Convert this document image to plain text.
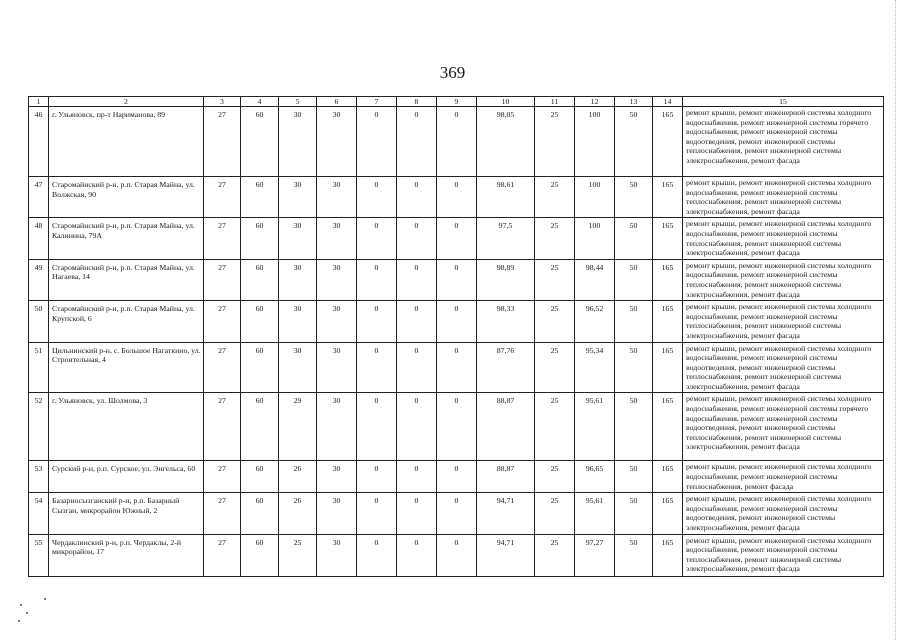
369
1	2	3	4	5	6	7	8	9	10	11	12	13	14	15
46	г. Ульяновск, пр-т Нариманова, 89	27	60	30	30	0	0	0	98,05	25	100	50	165	ремонт крыши, ремонт инженерной системы холодного водоснабжения, ремонт инженерной системы горячего водоснабжения, ремонт инженерной системы водоотведения, ремонт инженерной системы теплоснабжения, ремонт инженерной системы электроснабжения, ремонт фасада
47	Старомайнский р-н, р.п. Старая Майна, ул. Волжская, 90	27	60	30	30	0	0	0	98,61	25	100	50	165	ремонт крыши, ремонт инженерной системы холодного водоснабжения, ремонт инженерной системы теплоснабжения, ремонт инженерной системы электроснабжения, ремонт фасада
48	Старомайнский р-н, р.п. Старая Майна, ул. Калинина, 79А	27	60	30	30	0	0	0	97,5	25	100	50	165	ремонт крыши, ремонт инженерной системы холодного водоснабжения, ремонт инженерной системы теплоснабжения, ремонт инженерной системы электроснабжения, ремонт фасада
49	Старомайнский р-н, р.п. Старая Майна, ул. Нагаева, 14	27	60	30	30	0	0	0	98,89	25	98,44	50	165	ремонт крыши, ремонт инженерной системы холодного водоснабжения, ремонт инженерной системы теплоснабжения, ремонт инженерной системы электроснабжения, ремонт фасада
50	Старомайнский р-н, р.п. Старая Майна, ул. Крупской, 6	27	60	30	30	0	0	0	98,33	25	96,52	50	165	ремонт крыши, ремонт инженерной системы холодного водоснабжения, ремонт инженерной системы теплоснабжения, ремонт инженерной системы электроснабжения, ремонт фасада
51	Цильнинский р-н, с. Большое Нагаткино, ул. Строительная, 4	27	60	30	30	0	0	0	87,76	25	95,34	50	165	ремонт крыши, ремонт инженерной системы холодного водоснабжения, ремонт инженерной системы водоотведения, ремонт инженерной системы теплоснабжения, ремонт инженерной системы электроснабжения, ремонт фасада
52	г. Ульяновск, ул. Шолмова, 3	27	60	29	30	0	0	0	88,87	25	95,61	50	165	ремонт крыши, ремонт инженерной системы холодного водоснабжения, ремонт инженерной системы горячего водоснабжения, ремонт инженерной системы водоотведения, ремонт инженерной системы теплоснабжения, ремонт инженерной системы электроснабжения, ремонт фасада
53	Сурский р-н, р.п. Сурское, ул. Энгельса, 60	27	60	26	30	0	0	0	88,87	25	96,65	50	165	ремонт крыши, ремонт инженерной системы холодного водоснабжения, ремонт инженерной системы теплоснабжения, ремонт фасада
54	Базарносызганский р-н, р.п. Базарный Сызган, микрорайон Южный, 2	27	60	26	30	0	0	0	94,71	25	95,61	50	165	ремонт крыши, ремонт инженерной системы холодного водоснабжения, ремонт инженерной системы водоотведения, ремонт инженерной системы электроснабжения, ремонт фасада
55	Чердаклинский р-н, р.п. Чердаклы, 2-й микрорайон, 17	27	60	25	30	0	0	0	94,71	25	97,27	50	165	ремонт крыши, ремонт инженерной системы холодного водоснабжения, ремонт инженерной системы теплоснабжения, ремонт инженерной системы электроснабжения, ремонт фасада
